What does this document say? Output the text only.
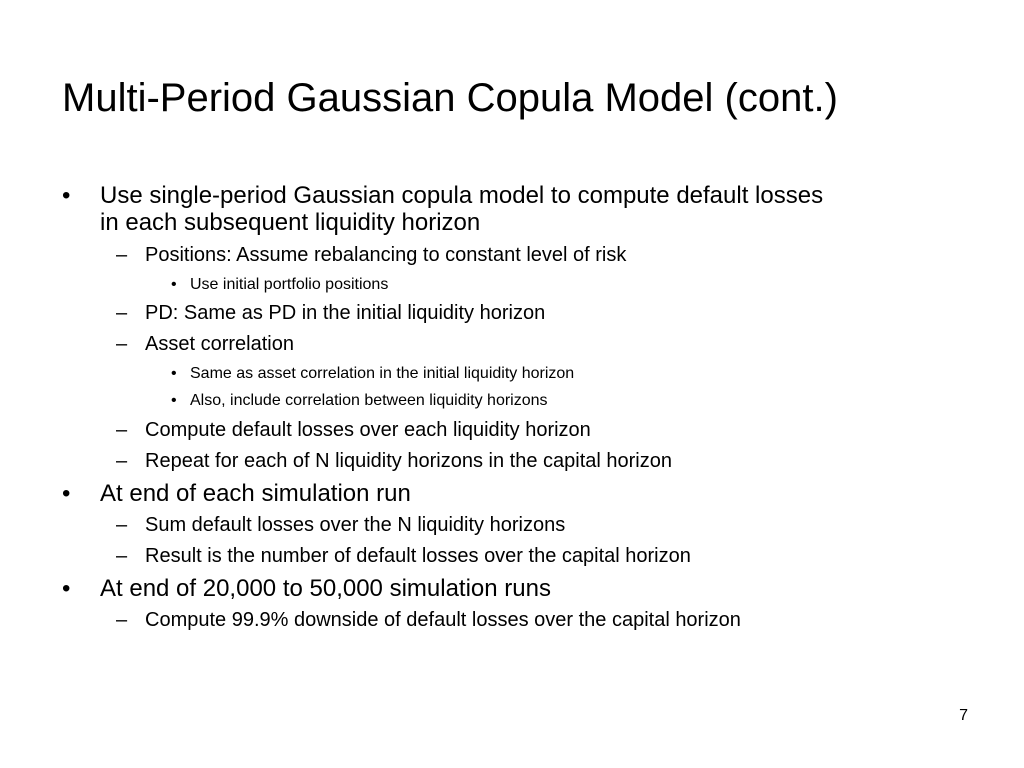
Multi-Period Gaussian Copula Model (cont.)
• Use single-period Gaussian copula model to compute default losses
in each subsequent liquidity horizon
– Positions: Assume rebalancing to constant level of risk
• Use initial portfolio positions
– PD: Same as PD in the initial liquidity horizon
– Asset correlation
• Same as asset correlation in the initial liquidity horizon
• Also, include correlation between liquidity horizons
– Compute default losses over each liquidity horizon
– Repeat for each of N liquidity horizons in the capital horizon
• At end of each simulation run
– Sum default losses over the N liquidity horizons
– Result is the number of default losses over the capital horizon
• At end of 20,000 to 50,000 simulation runs
– Compute 99.9% downside of default losses over the capital horizon
7
